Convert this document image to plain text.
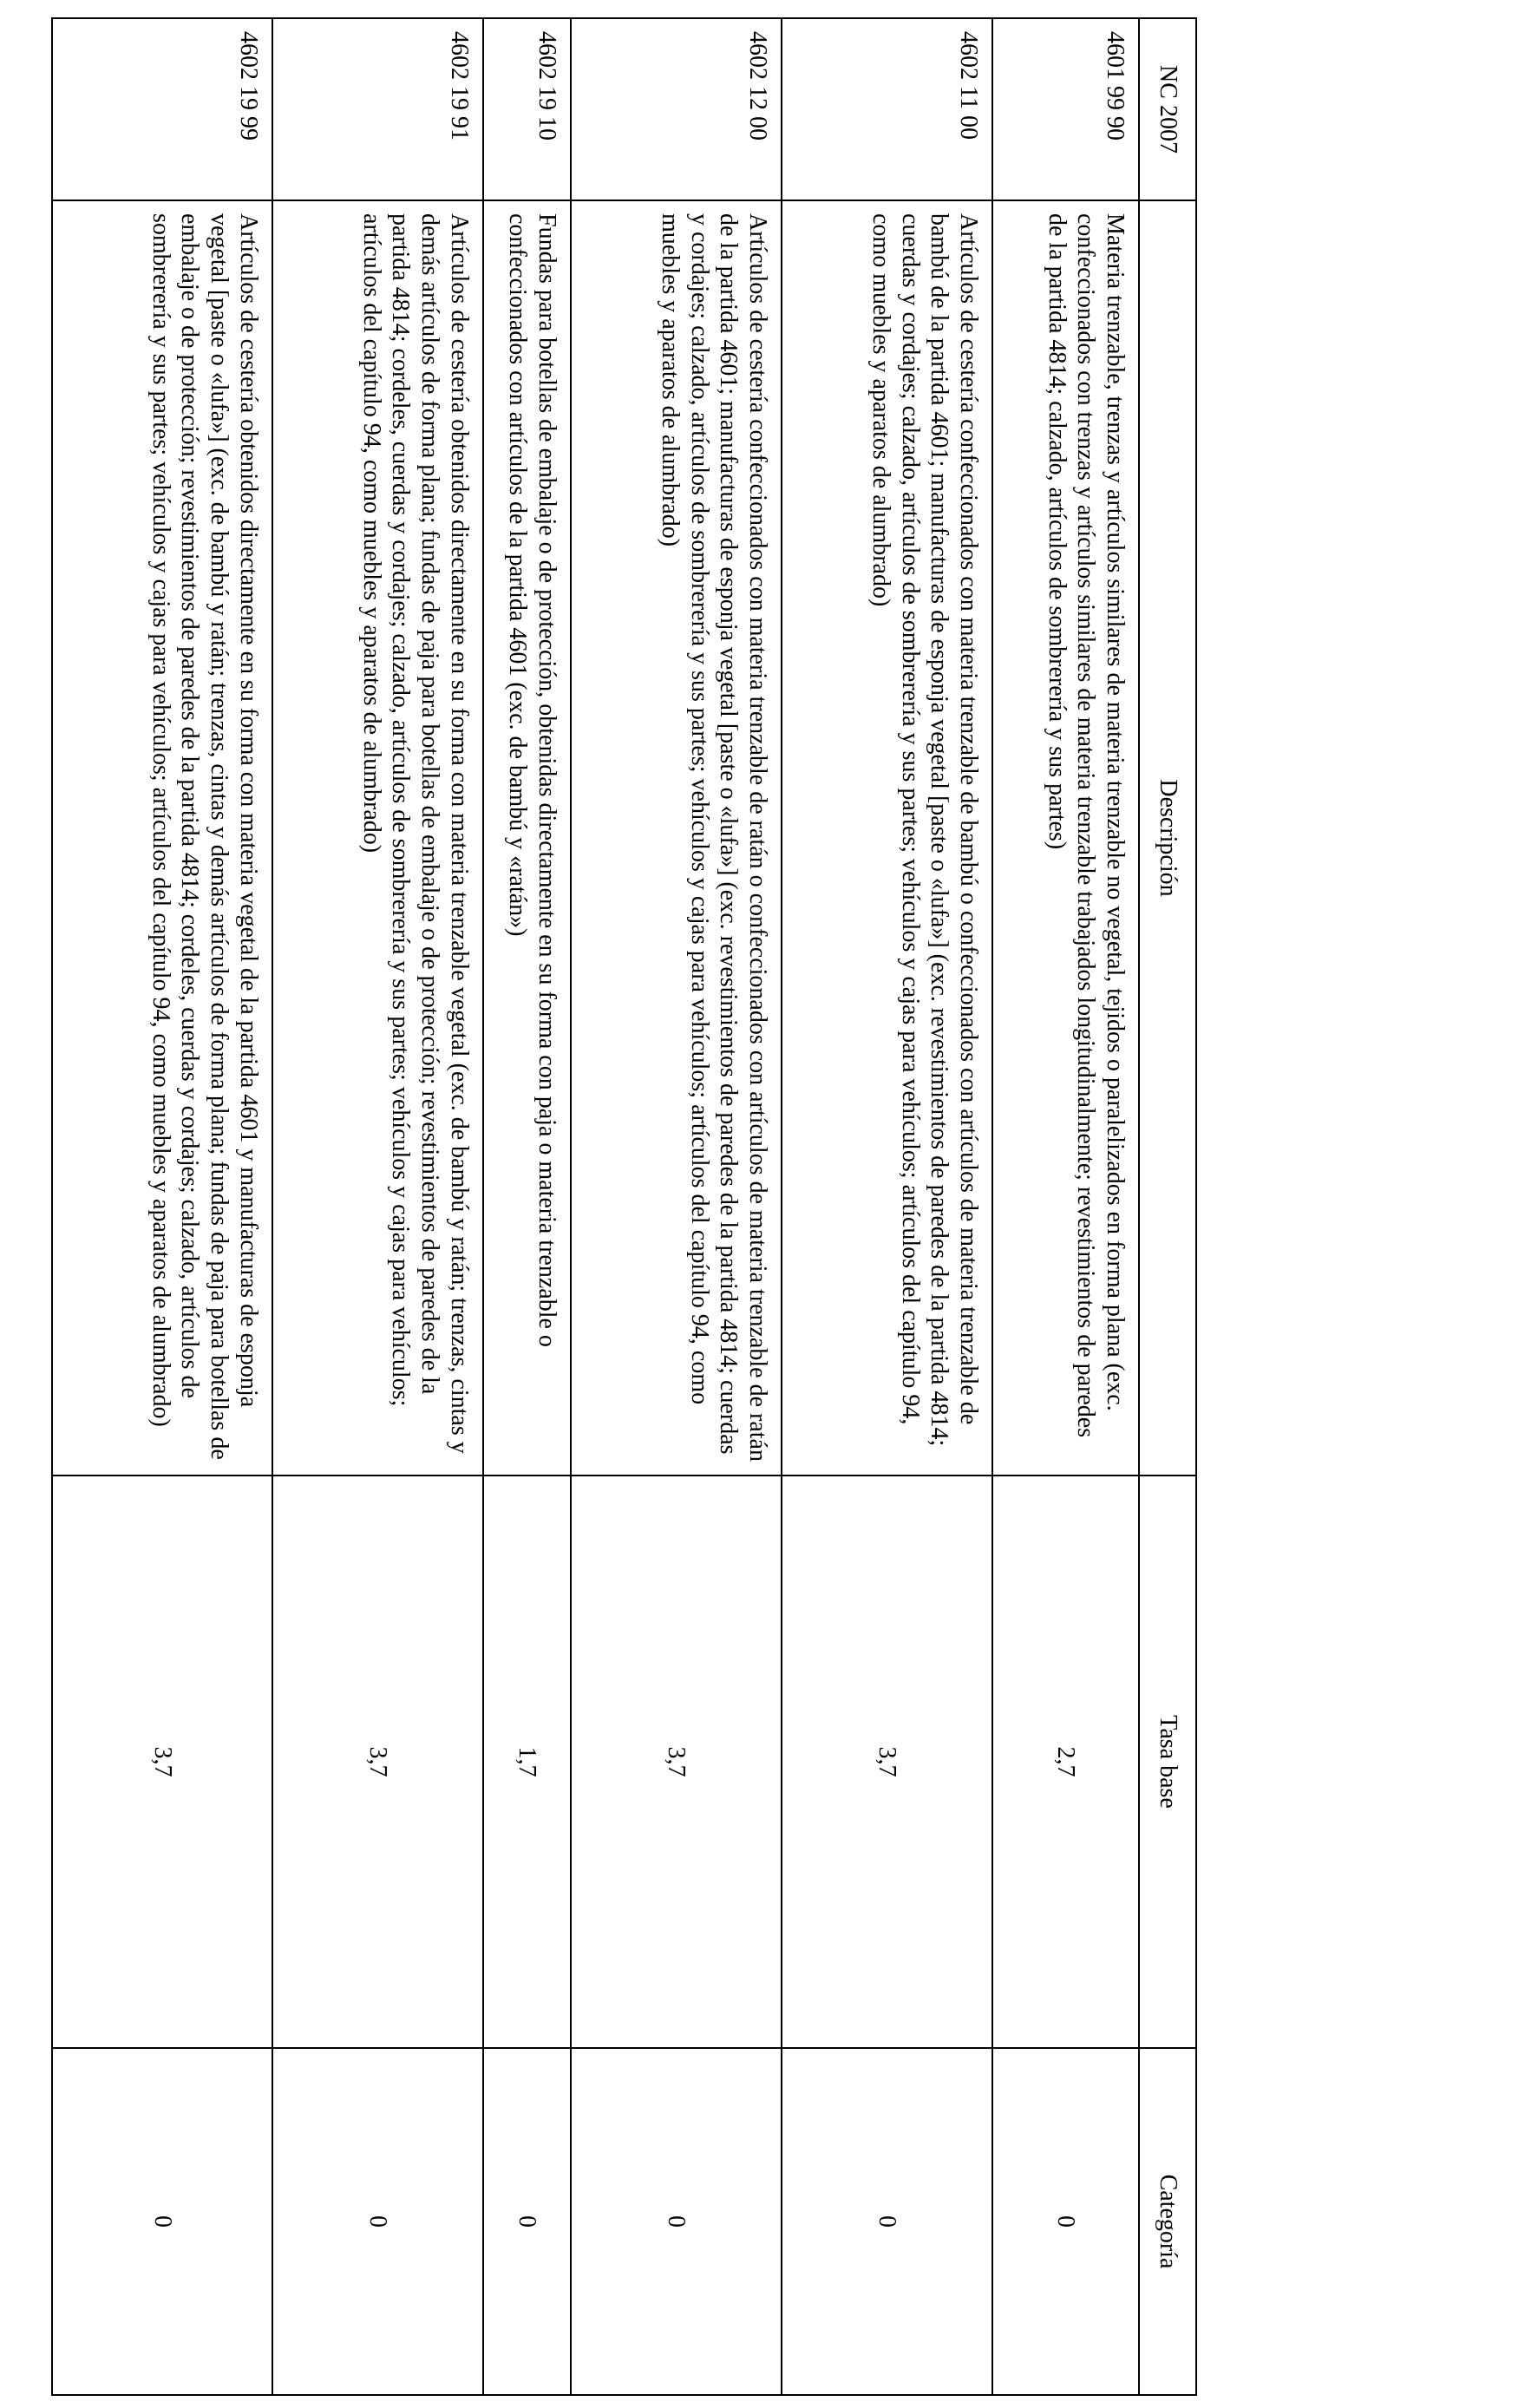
NC 2007	Descripción	Tasa base	Categoría
4601 99 90	Materia trenzable, trenzas y artículos similares de materia trenzable no vegetal, tejidos o paralelizados en forma plana (exc. confeccionados con trenzas y artículos similares de materia trenzable trabajados longitudinalmente; revestimientos de paredes de la partida 4814; calzado, artículos de sombrerería y sus partes)	2,7	0
4602 11 00	Artículos de cestería confeccionados con materia trenzable de bambú o confeccionados con artículos de materia trenzable de bambú de la partida 4601; manufacturas de esponja vegetal [paste o «lufa»] (exc. revestimientos de paredes de la partida 4814; cuerdas y cordajes; calzado, artículos de sombrerería y sus partes; vehículos y cajas para vehículos; artículos del capítulo 94, como muebles y aparatos de alumbrado)	3,7	0
4602 12 00	Artículos de cestería confeccionados con materia trenzable de ratán o confeccionados con artículos de materia trenzable de ratán de la partida 4601; manufacturas de esponja vegetal [paste o «lufa»] (exc. revestimientos de paredes de la partida 4814; cuerdas y cordajes; calzado, artículos de sombrerería y sus partes; vehículos y cajas para vehículos; artículos del capítulo 94, como muebles y aparatos de alumbrado)	3,7	0
4602 19 10	Fundas para botellas de embalaje o de protección, obtenidas directamente en su forma con paja o materia trenzable o confeccionados con artículos de la partida 4601 (exc. de bambú y «ratán»)	1,7	0
4602 19 91	Artículos de cestería obtenidos directamente en su forma con materia trenzable vegetal (exc. de bambú y ratán; trenzas, cintas y demás artículos de forma plana; fundas de paja para botellas de embalaje o de protección; revestimientos de paredes de la partida 4814; cordeles, cuerdas y cordajes; calzado, artículos de sombrerería y sus partes; vehículos y cajas para vehículos; artículos del capítulo 94, como muebles y aparatos de alumbrado)	3,7	0
4602 19 99	Artículos de cestería obtenidos directamente en su forma con materia vegetal de la partida 4601 y manufacturas de esponja vegetal [paste o «lufa»] (exc. de bambú y ratán; trenzas, cintas y demás artículos de forma plana; fundas de paja para botellas de embalaje o de protección; revestimientos de paredes de la partida 4814; cordeles, cuerdas y cordajes; calzado, artículos de sombrerería y sus partes; vehículos y cajas para vehículos; artículos del capítulo 94, como muebles y aparatos de alumbrado)	3,7	0
